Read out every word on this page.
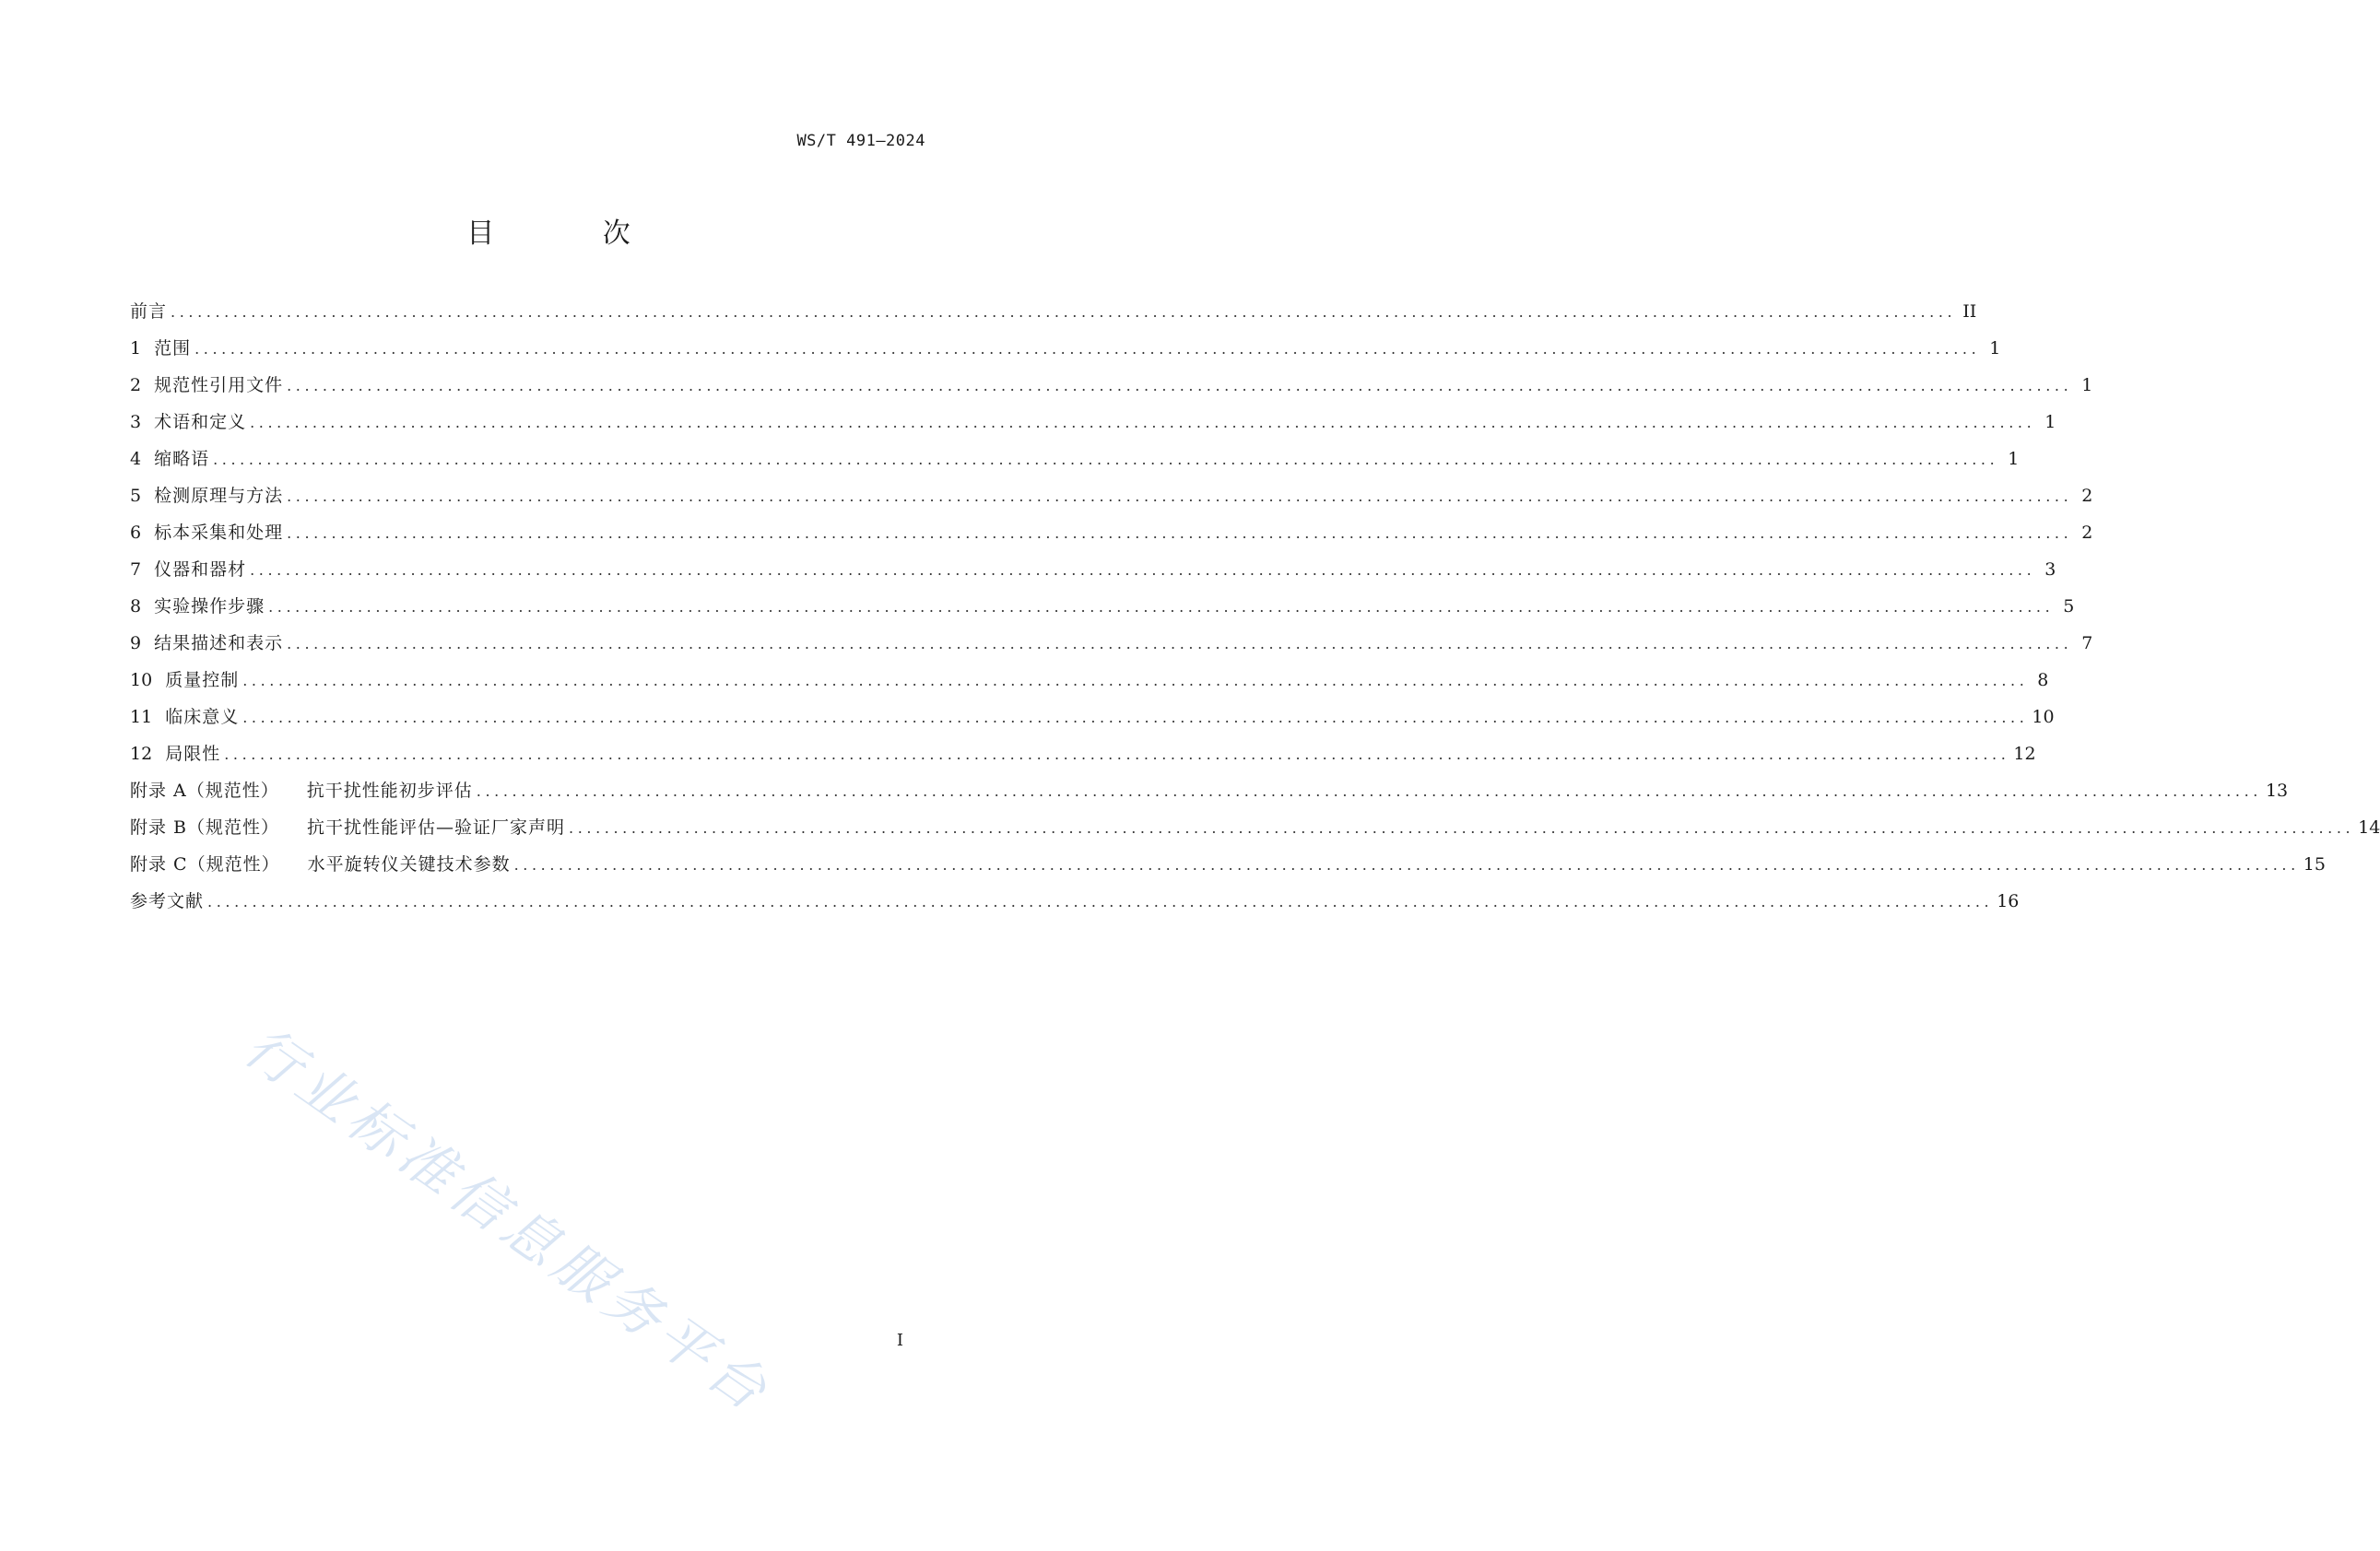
WS/T 491—2024
目 次
前言 ........................................................................................................................................................................................................ II
1 范围 ........................................................................................................................................................................................................ 1
2 规范性引用文件 ........................................................................................................................................................................................................ 1
3 术语和定义 ........................................................................................................................................................................................................ 1
4 缩略语 ........................................................................................................................................................................................................ 1
5 检测原理与方法 ........................................................................................................................................................................................................ 2
6 标本采集和处理 ........................................................................................................................................................................................................ 2
7 仪器和器材 ........................................................................................................................................................................................................ 3
8 实验操作步骤 ........................................................................................................................................................................................................ 5
9 结果描述和表示 ........................................................................................................................................................................................................ 7
10 质量控制 ........................................................................................................................................................................................................ 8
11 临床意义 ........................................................................................................................................................................................................ 10
12 局限性 ........................................................................................................................................................................................................ 12
附录 A（规范性） 抗干扰性能初步评估 ........................................................................................................................................................................................................ 13
附录 B（规范性） 抗干扰性能评估—验证厂家声明 ........................................................................................................................................................................................................ 14
附录 C（规范性） 水平旋转仪关键技术参数 ........................................................................................................................................................................................................ 15
参考文献 ........................................................................................................................................................................................................ 16
行业标准信息服务平台	I
